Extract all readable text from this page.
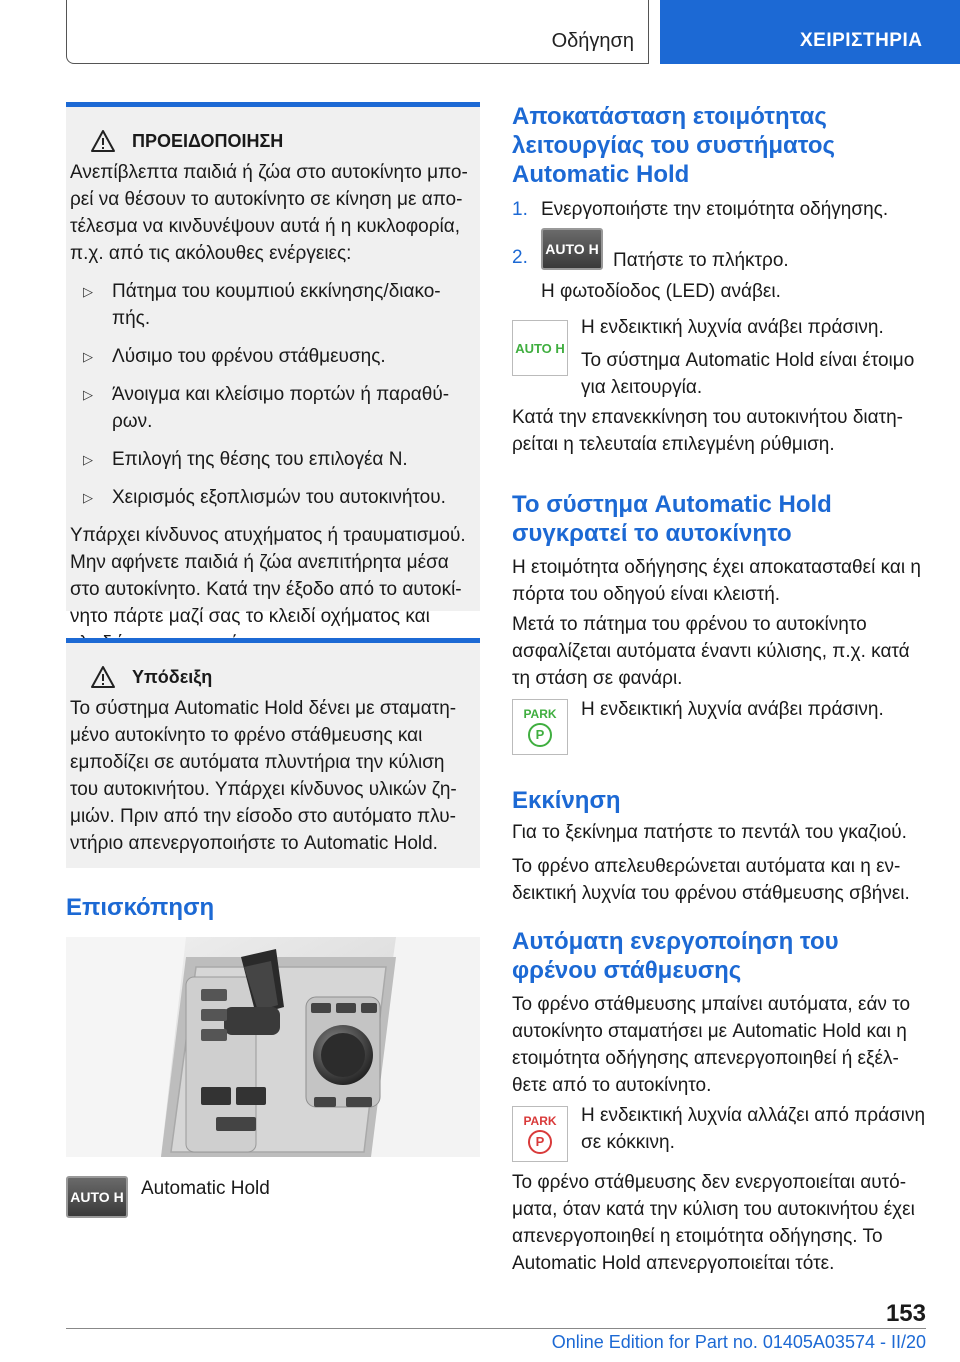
Οδήγηση	ΧΕΙΡΙΣΤΗΡΙΑ
ΠΡΟΕΙΔΟΠΟΙΗΣΗ

Ανεπίβλεπτα παιδιά ή ζώα στο αυτοκίνητο μπο-ρεί να θέσουν το αυτοκίνητο σε κίνηση με απο-τέλεσμα να κινδυνέψουν αυτά ή η κυκλοφορία, π.χ. από τις ακόλουθες ενέργειες:

▷ Πάτημα του κουμπιού εκκίνησης/διακο-πής.

▷ Λύσιμο του φρένου στάθμευσης.

▷ Άνοιγμα και κλείσιμο πορτών ή παραθύ-ρων.

▷ Επιλογή της θέσης του επιλογέα N.

▷ Χειρισμός εξοπλισμών του αυτοκινήτου.

Υπάρχει κίνδυνος ατυχήματος ή τραυματισμού. Μην αφήνετε παιδιά ή ζώα ανεπιτήρητα μέσα στο αυτοκίνητο. Κατά την έξοδο από το αυτοκί-νητο πάρτε μαζί σας το κλειδί οχήματος και

Υπόδειξη

Το σύστημα Automatic Hold δένει με σταματη-μένο αυτοκίνητο το φρένο στάθμευσης και εμποδίζει σε αυτόματα πλυντήρια την κύλιση του αυτοκινήτου. Υπάρχει κίνδυνος υλικών ζη-μιών. Πριν από την είσοδο στο αυτόματο πλυ-ντήριο απενεργοποιήστε το Automatic Hold.

Επισκόπηση
AUTO H Automatic Hold

Αποκατάσταση ετοιμότητας λειτουργίας του συστήματος Automatic Hold

1. Ενεργοποιήστε την ετοιμότητα οδήγησης.

2.	AUTO H

Πατήστε το πλήκτρο.

Η φωτοδίοδος (LED) ανάβει.

AUTO H

Η ενδεικτική λυχνία ανάβει πράσινη.

Το σύστημα Automatic Hold είναι έτοιμο για λειτουργία.

Κατά την επανεκκίνηση του αυτοκινήτου διατη-ρείται η τελευταία επιλεγμένη ρύθμιση.

Το σύστημα Automatic Hold συγκρατεί το αυτοκίνητο

Η ετοιμότητα οδήγησης έχει αποκατασταθεί και η πόρτα του οδηγού είναι κλειστή.

Μετά το πάτημα του φρένου το αυτοκίνητο ασφαλίζεται αυτόματα έναντι κύλισης, π.χ. κατά τη στάση σε φανάρι.

PARK
P

Η ενδεικτική λυχνία ανάβει πράσινη.

Εκκίνηση

Για το ξεκίνημα πατήστε το πεντάλ του γκαζιού.

Το φρένο απελευθερώνεται αυτόματα και η εν-δεικτική λυχνία του φρένου στάθμευσης σβήνει.

Αυτόματη ενεργοποίηση του φρένου στάθμευσης

Το φρένο στάθμευσης μπαίνει αυτόματα, εάν το αυτοκίνητο σταματήσει με Automatic Hold και η ετοιμότητα οδήγησης απενεργοποιηθεί ή εξέλ-θετε από το αυτοκίνητο.

PARK
P

Η ενδεικτική λυχνία αλλάζει από πράσινη σε κόκκινη.

Το φρένο στάθμευσης δεν ενεργοποιείται αυτό-ματα, όταν κατά την κύλιση του αυτοκινήτου έχει απενεργοποιηθεί η ετοιμότητα οδήγησης. Το Automatic Hold απενεργοποιείται τότε.

153
Online Edition for Part no. 01405A03574 - II/20
